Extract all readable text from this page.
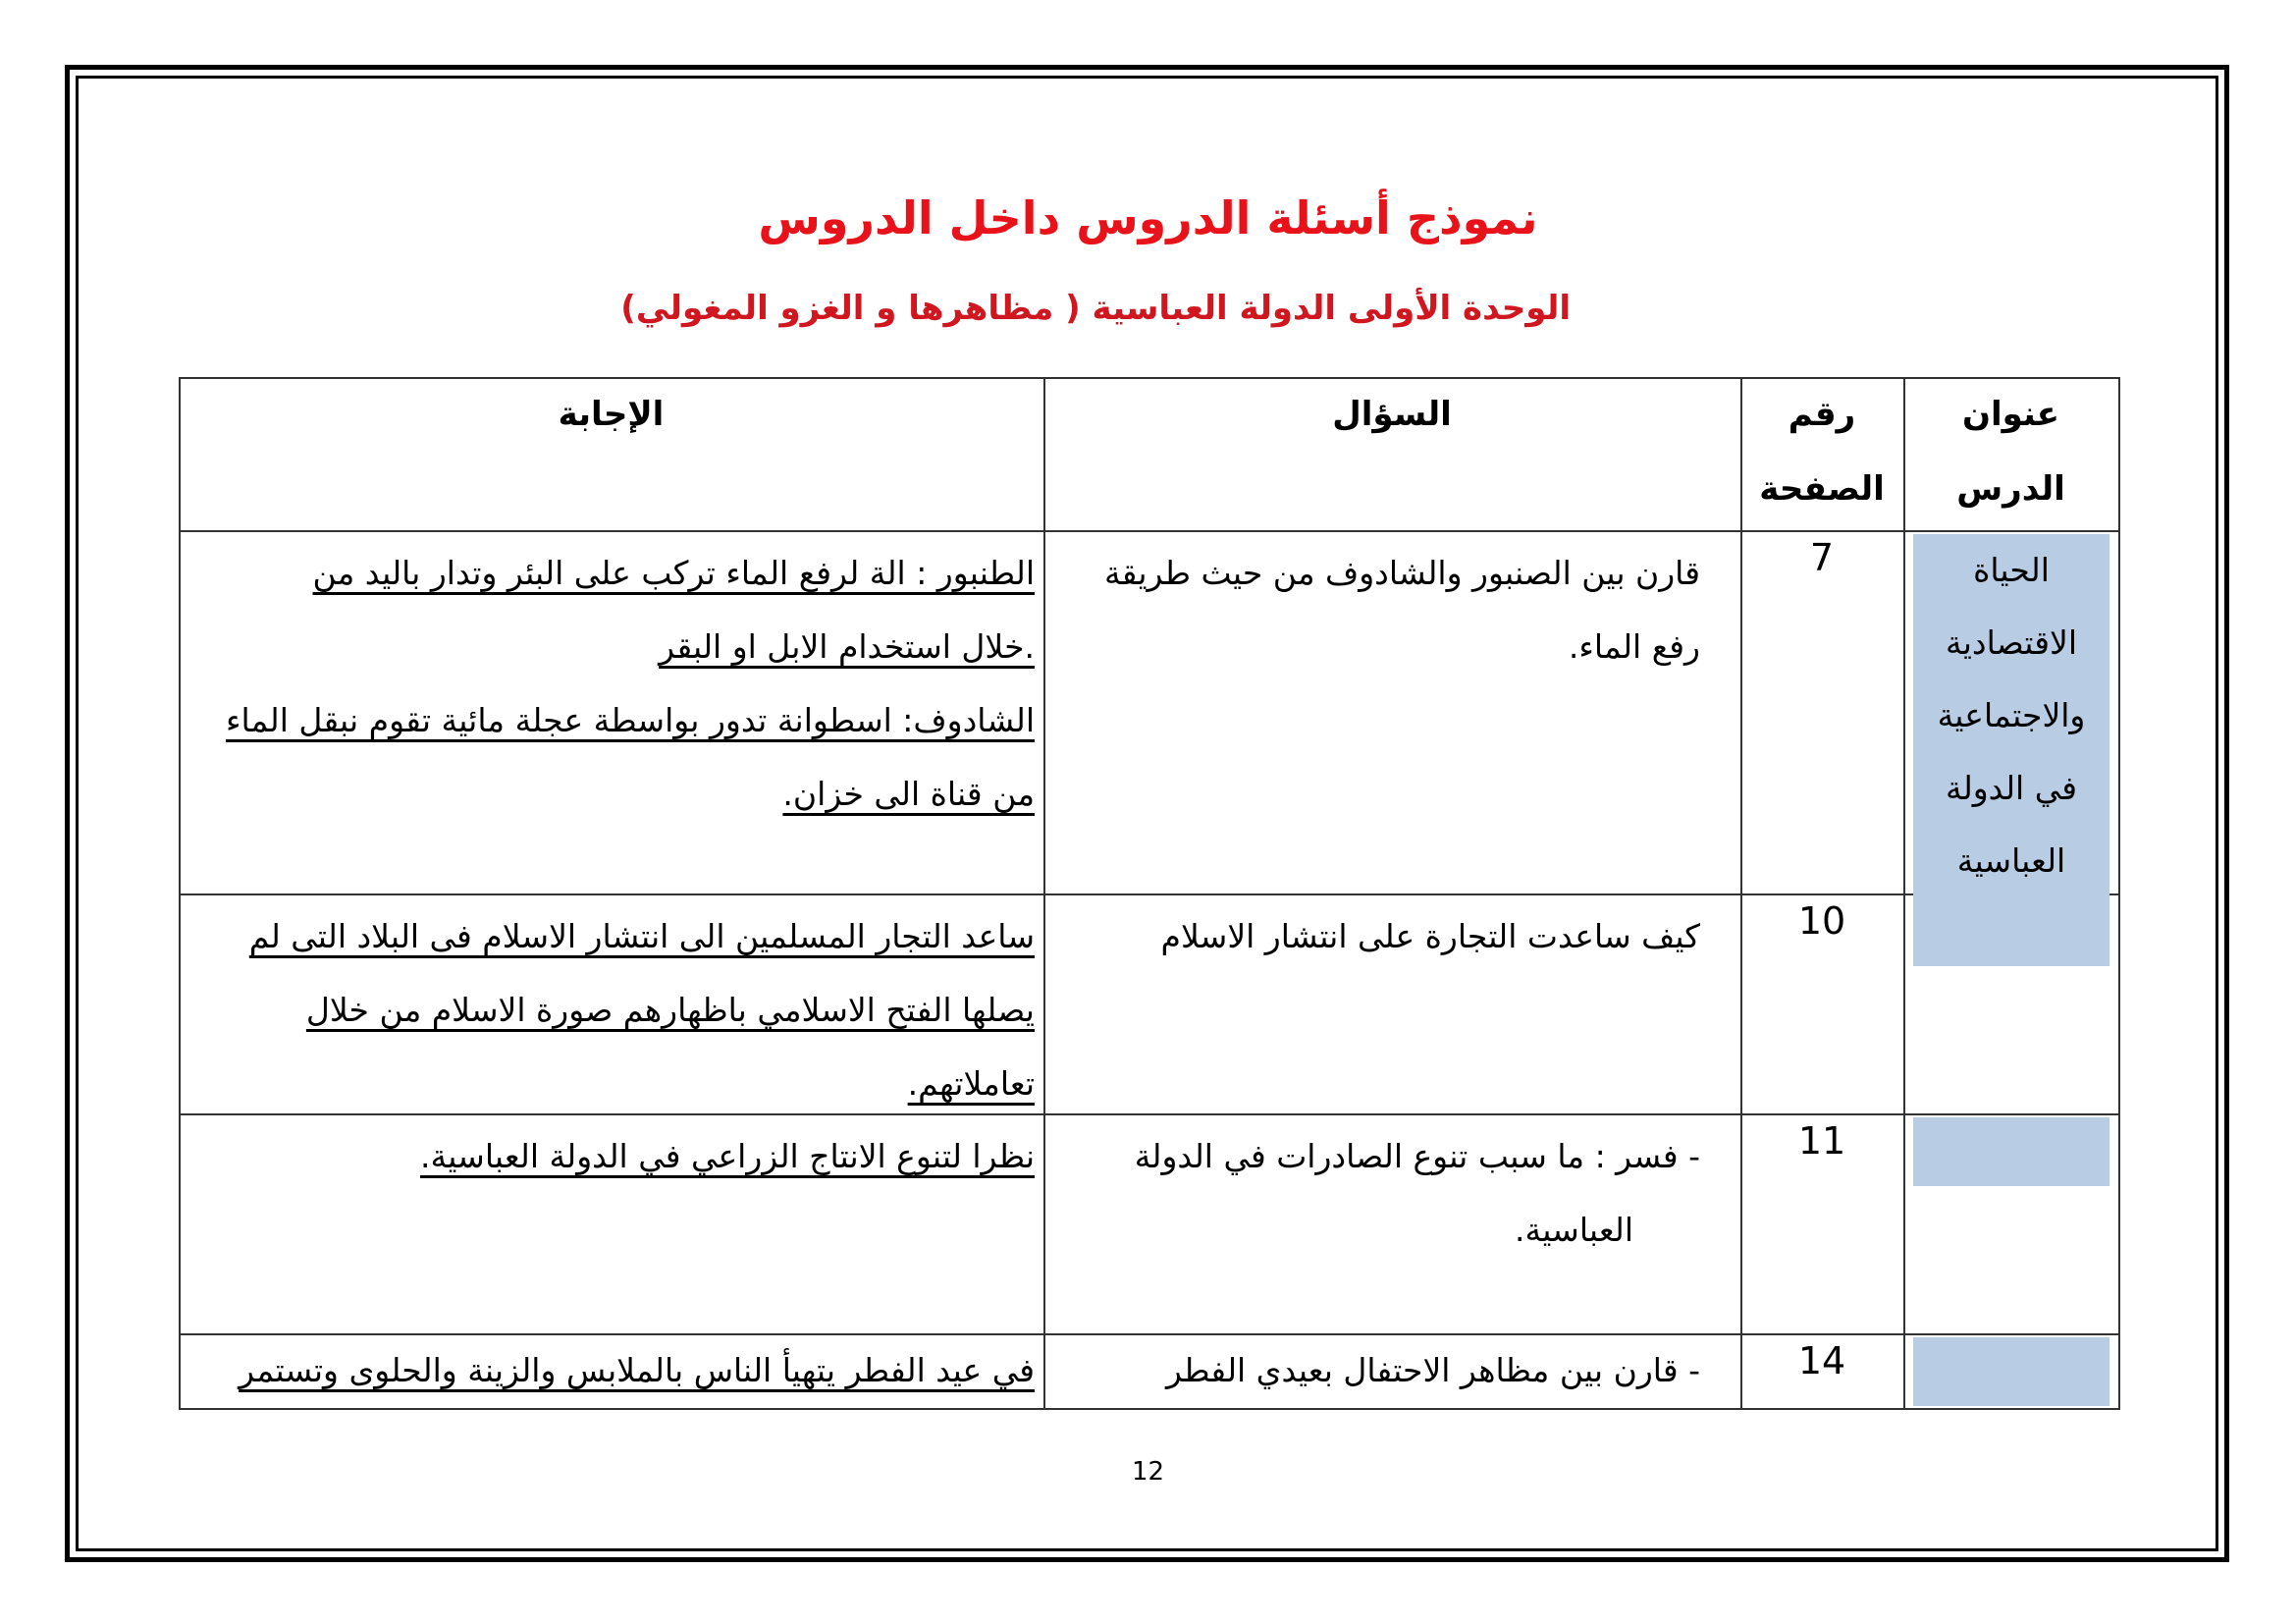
نموذج أسئلة الدروس داخل الدروس
الوحدة الأولى الدولة العباسية ( مظاهرها و الغزو المغولي)
الإجابة	السؤال	رقم
الصفحة
عنوان
الدرس
الحياة
الاقتصادية
والاجتماعية
في الدولة
العباسية
7
قارن بين الصنبور والشادوف من حيث طريقة
رفع الماء.
الطنبور : الة لرفع الماء تركب على البئر وتدار باليد من
.خلال استخدام الابل او البقر
الشادوف: اسطوانة تدور بواسطة عجلة مائية تقوم نبقل الماء
من قناة الى خزان.
10
كيف ساعدت التجارة على انتشار الاسلام
ساعد التجار المسلمين الى انتشار الاسلام فى البلاد التى لم
يصلها الفتح الاسلامي باظهارهم صورة الاسلام من خلال
تعاملاتهم.
11
- فسر : ما سبب تنوع الصادرات في الدولة
العباسية.
نظرا لتنوع الانتاج الزراعي في الدولة العباسية.
14
- قارن بين مظاهر الاحتفال بعيدي الفطر
في عيد الفطر يتهيأ الناس بالملابس والزينة والحلوى وتستمر
12
